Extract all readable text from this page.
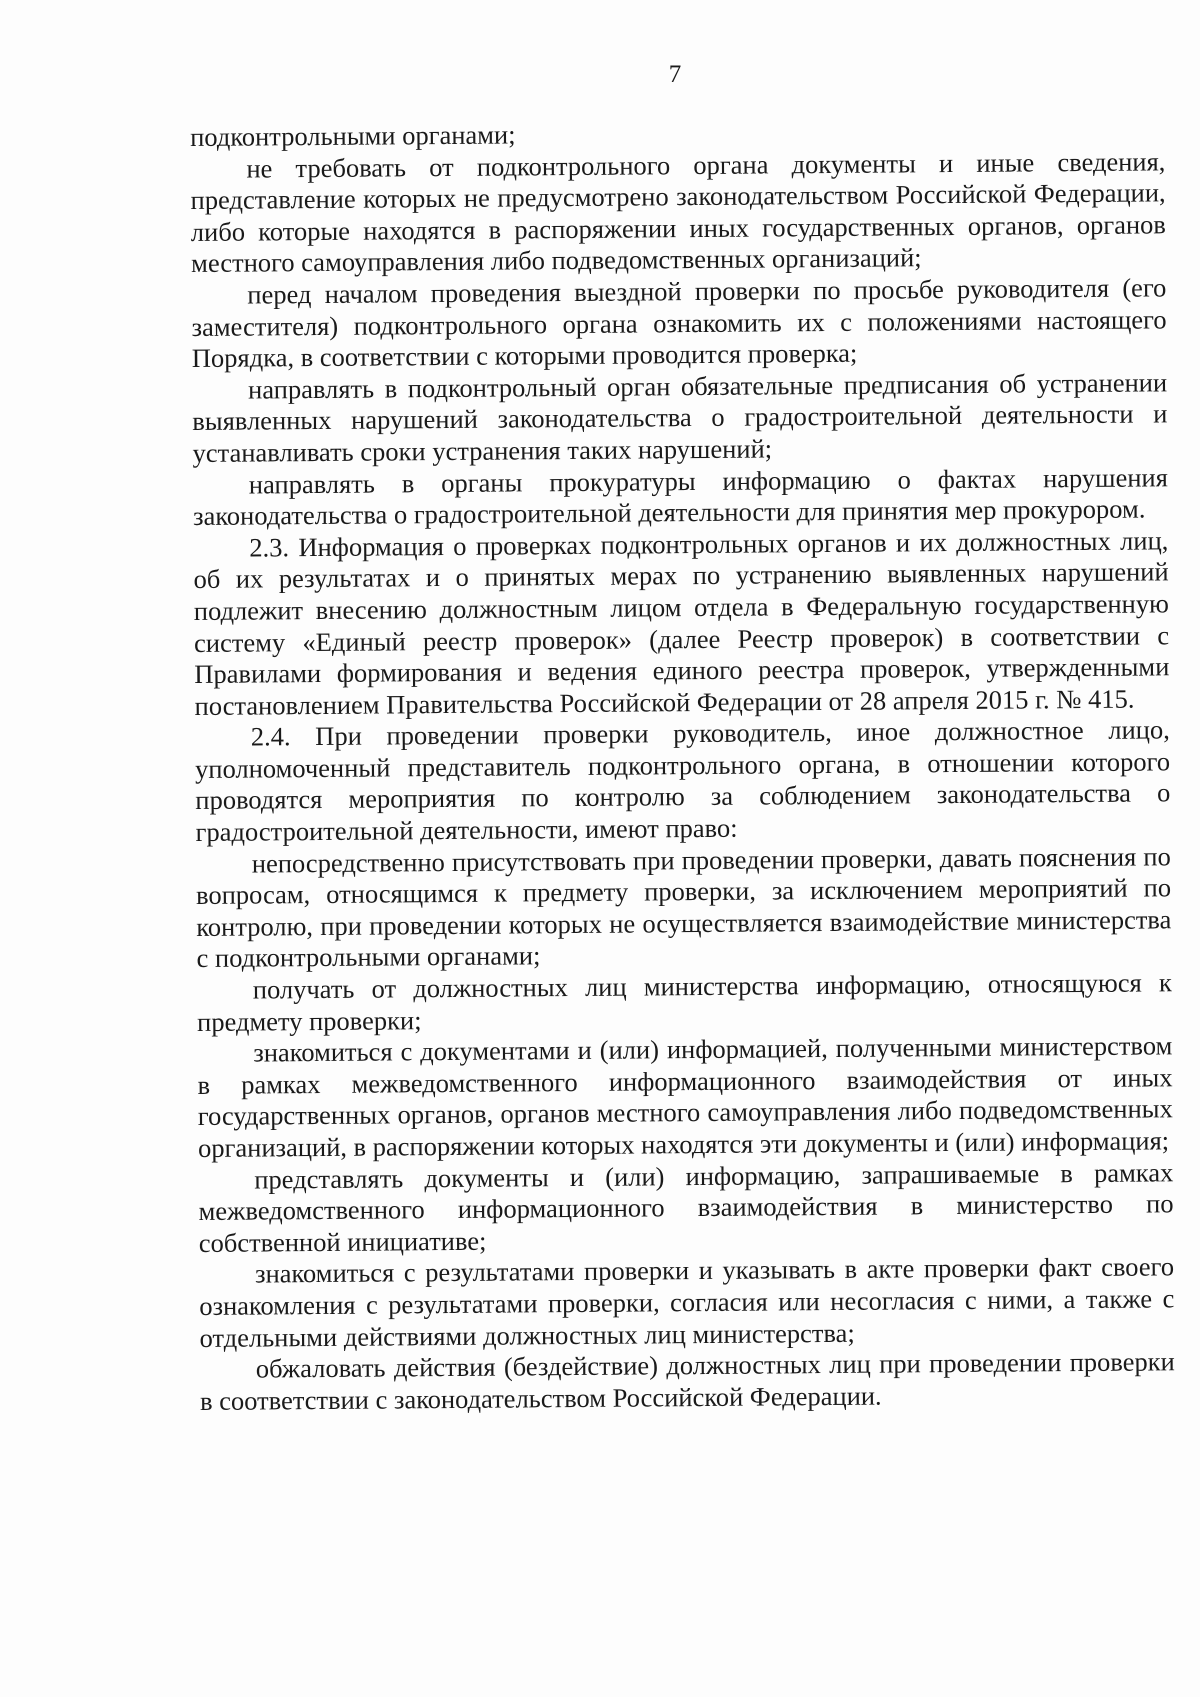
7

подконтрольными органами;

не требовать от подконтрольного органа документы и иные сведения, представление которых не предусмотрено законодательством Российской Федерации, либо которые находятся в распоряжении иных государственных органов, органов местного самоуправления либо подведомственных организаций;

перед началом проведения выездной проверки по просьбе руководителя (его заместителя) подконтрольного органа ознакомить их с положениями настоящего Порядка, в соответствии с которыми проводится проверка;

направлять в подконтрольный орган обязательные предписания об устранении выявленных нарушений законодательства о градостроительной деятельности и устанавливать сроки устранения таких нарушений;

направлять в органы прокуратуры информацию о фактах нарушения законодательства о градостроительной деятельности для принятия мер прокурором.

2.3. Информация о проверках подконтрольных органов и их должностных лиц, об их результатах и о принятых мерах по устранению выявленных нарушений подлежит внесению должностным лицом отдела в Федеральную государственную систему «Единый реестр проверок» (далее Реестр проверок) в соответствии с Правилами формирования и ведения единого реестра проверок, утвержденными постановлением Правительства Российской Федерации от 28 апреля 2015 г. № 415.

2.4. При проведении проверки руководитель, иное должностное лицо, уполномоченный представитель подконтрольного органа, в отношении которого проводятся мероприятия по контролю за соблюдением законодательства о градостроительной деятельности, имеют право:

непосредственно присутствовать при проведении проверки, давать пояснения по вопросам, относящимся к предмету проверки, за исключением мероприятий по контролю, при проведении которых не осуществляется взаимодействие министерства с подконтрольными органами;

получать от должностных лиц министерства информацию, относящуюся к предмету проверки;

знакомиться с документами и (или) информацией, полученными министерством в рамках межведомственного информационного взаимодействия от иных государственных органов, органов местного самоуправления либо подведомственных организаций, в распоряжении которых находятся эти документы и (или) информация;

представлять документы и (или) информацию, запрашиваемые в рамках межведомственного информационного взаимодействия в министерство по собственной инициативе;

знакомиться с результатами проверки и указывать в акте проверки факт своего ознакомления с результатами проверки, согласия или несогласия с ними, а также с отдельными действиями должностных лиц министерства;

обжаловать действия (бездействие) должностных лиц при проведении проверки в соответствии с законодательством Российской Федерации.
